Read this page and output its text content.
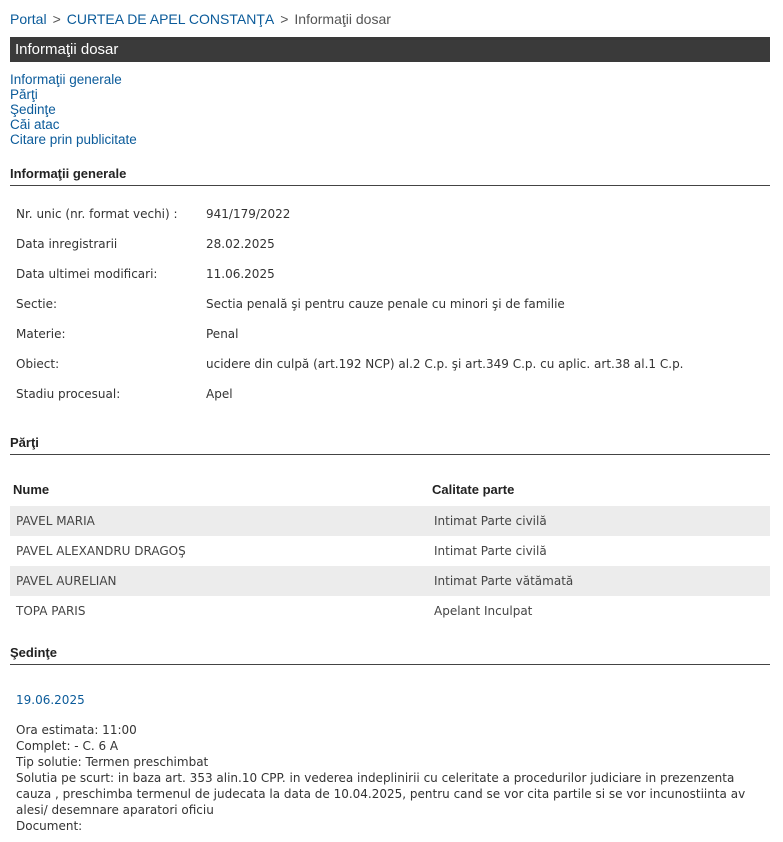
Portal > CURTEA DE APEL CONSTANŢA > Informaţii dosar
Informaţii dosar
Informaţii generale
Părţi
Şedinţe
Căi atac
Citare prin publicitate
Informaţii generale
Nr. unic (nr. format vechi) : 941/179/2022
Data inregistrarii	28.02.2025
Data ultimei modificari:	11.06.2025
Sectie:	Sectia penală şi pentru cauze penale cu minori şi de familie
Materie:	Penal
Obiect:	ucidere din culpă (art.192 NCP) al.2 C.p. şi art.349 C.p. cu aplic. art.38 al.1 C.p.
Stadiu procesual:	Apel
Părţi
Nume	Calitate parte
PAVEL MARIA	Intimat Parte civilă
PAVEL ALEXANDRU DRAGOŞ	Intimat Parte civilă
PAVEL AURELIAN	Intimat Parte vătămată
TOPA PARIS	Apelant Inculpat
Şedinţe
19.06.2025
Ora estimata: 11:00
Complet: - C. 6 A
Tip solutie: Termen preschimbat
Solutia pe scurt: in baza art. 353 alin.10 CPP. in vederea indeplinirii cu celeritate a procedurilor judiciare in prezenzenta cauza , preschimba termenul de judecata la data de 10.04.2025, pentru cand se vor cita partile si se vor incunostiinta av alesi/ desemnare aparatori oficiu
Document:
